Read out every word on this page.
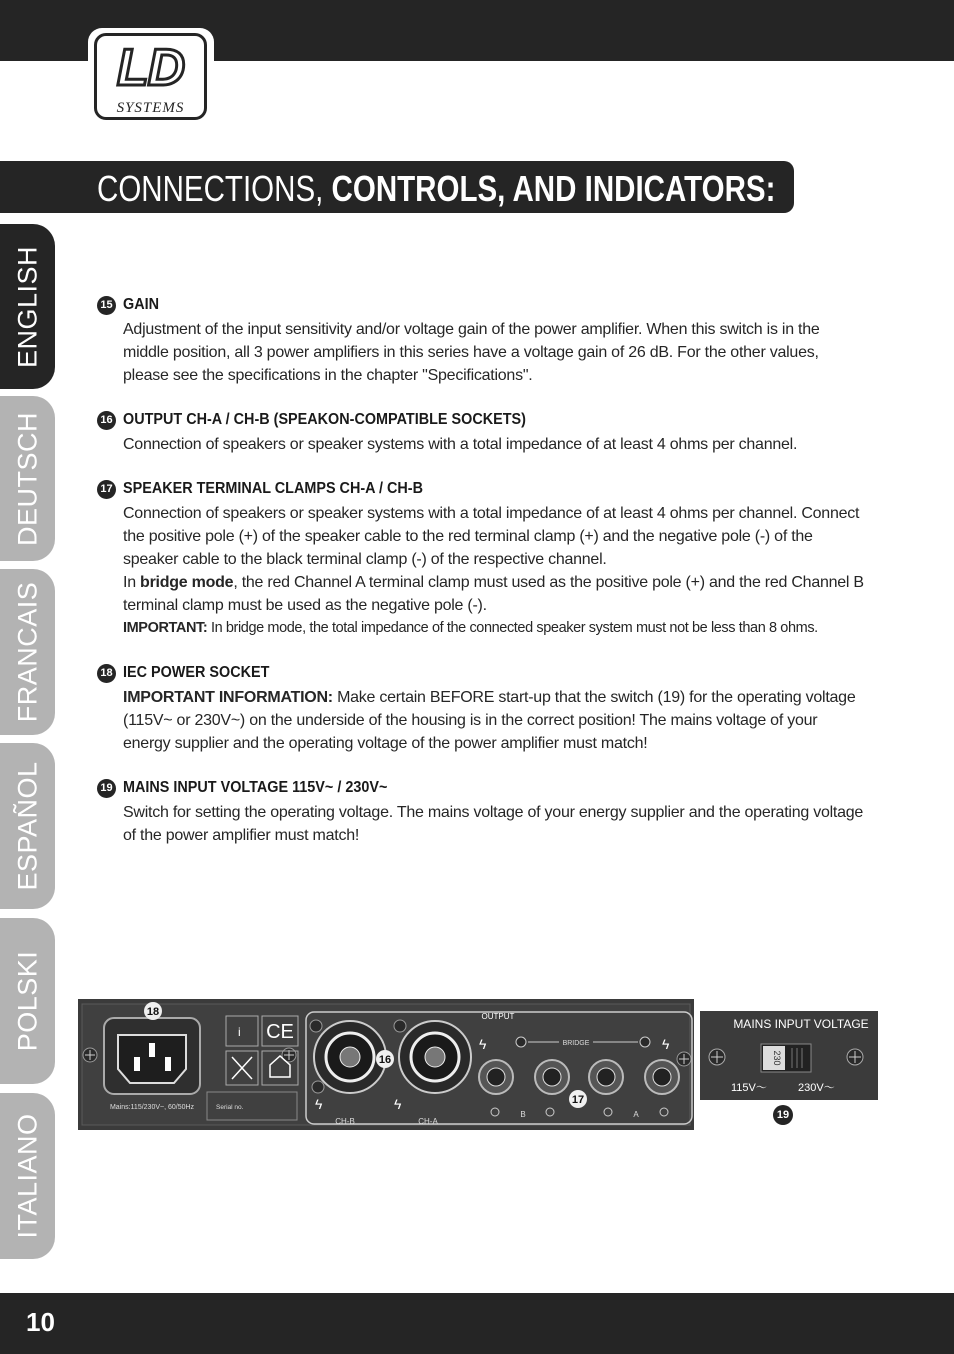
LD
SYSTEMS
CONNECTIONS, CONTROLS, AND INDICATORS:
ENGLISH
DEUTSCH
FRANCAIS
ESPAÑOL
POLSKI
ITALIANO
15 GAIN
Adjustment of the input sensitivity and/or voltage gain of the power amplifier. When this switch is in the middle position, all 3 power amplifiers in this series have a voltage gain of 26 dB. For the other values, please see the specifications in the chapter "Specifications".
16 OUTPUT CH-A / CH-B (SPEAKON-COMPATIBLE SOCKETS)
Connection of speakers or speaker systems with a total impedance of at least 4 ohms per channel.
17 SPEAKER TERMINAL CLAMPS CH-A / CH-B
Connection of speakers or speaker systems with a total impedance of at least 4 ohms per channel. Connect the positive pole (+) of the speaker cable to the red terminal clamp (+) and the negative pole (-) of the speaker cable to the black terminal clamp (-) of the respective channel.
In bridge mode, the red Channel A terminal clamp must used as the positive pole (+) and the red Channel B terminal clamp must be used as the negative pole (-).
IMPORTANT: In bridge mode, the total impedance of the connected speaker system must not be less than 8 ohms.
18 IEC POWER SOCKET
IMPORTANT INFORMATION: Make certain BEFORE start-up that the switch (19) for the operating voltage (115V~ or 230V~) on the underside of the housing is in the correct position! The mains voltage of your energy supplier and the operating voltage of the power amplifier must match!
19 MAINS INPUT VOLTAGE 115V~ / 230V~
Switch for setting the operating voltage. The mains voltage of your energy supplier and the operating voltage of the power amplifier must match!
Mains:115/230V~, 60/50Hz	Serial no.
i CE
OUTPUT
CH-B	CH-A
ϟ	ϟ
ϟ	ϟ
BRIDGE
B	A
18
16
17
MAINS INPUT VOLTAGE
230
115V～	230V～
19
10
